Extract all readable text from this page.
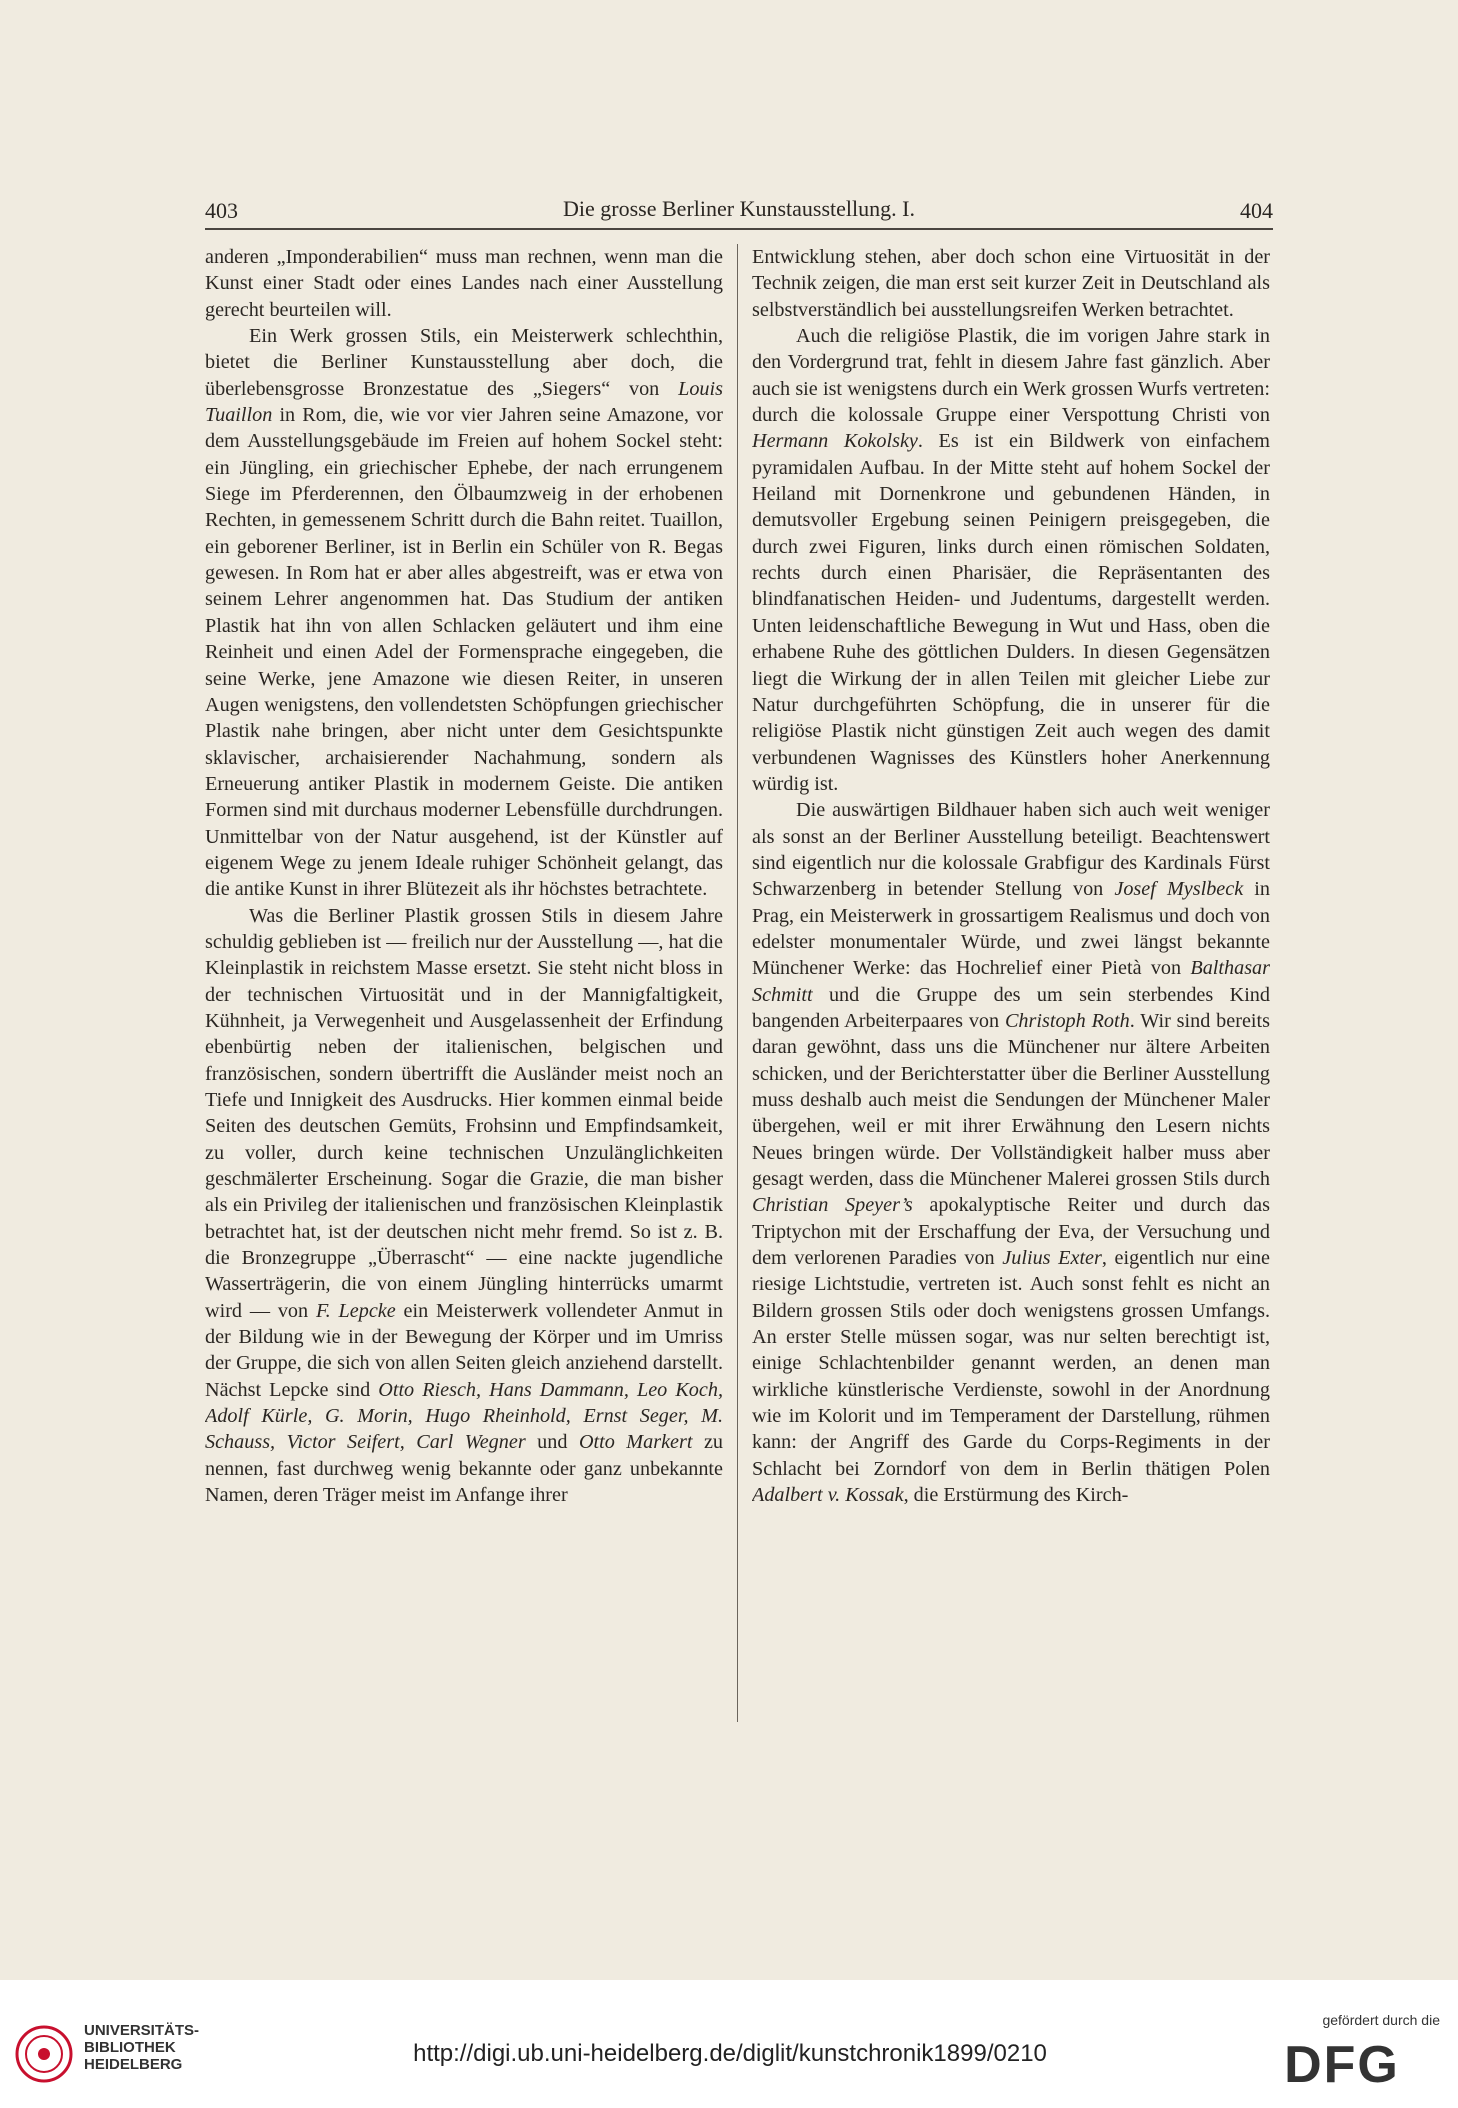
403	Die grosse Berliner Kunstausstellung. I.	404

anderen „Imponderabilien“ muss man rechnen, wenn man die Kunst einer Stadt oder eines Landes nach einer Ausstellung gerecht beurteilen will.

Ein Werk grossen Stils, ein Meisterwerk schlechthin, bietet die Berliner Kunstausstellung aber doch, die überlebensgrosse Bronzestatue des „Siegers“ von Louis Tuaillon in Rom, die, wie vor vier Jahren seine Amazone, vor dem Ausstellungsgebäude im Freien auf hohem Sockel steht: ein Jüngling, ein griechischer Ephebe, der nach errungenem Siege im Pferderennen, den Ölbaumzweig in der erhobenen Rechten, in gemessenem Schritt durch die Bahn reitet. Tuaillon, ein geborener Berliner, ist in Berlin ein Schüler von R. Begas gewesen. In Rom hat er aber alles abgestreift, was er etwa von seinem Lehrer angenommen hat. Das Studium der antiken Plastik hat ihn von allen Schlacken geläutert und ihm eine Reinheit und einen Adel der Formensprache eingegeben, die seine Werke, jene Amazone wie diesen Reiter, in unseren Augen wenigstens, den vollendetsten Schöpfungen griechischer Plastik nahe bringen, aber nicht unter dem Gesichtspunkte sklavischer, archaisierender Nachahmung, sondern als Erneuerung antiker Plastik in modernem Geiste. Die antiken Formen sind mit durchaus moderner Lebensfülle durchdrungen. Unmittelbar von der Natur ausgehend, ist der Künstler auf eigenem Wege zu jenem Ideale ruhiger Schönheit gelangt, das die antike Kunst in ihrer Blütezeit als ihr höchstes betrachtete.

Was die Berliner Plastik grossen Stils in diesem Jahre schuldig geblieben ist — freilich nur der Ausstellung —, hat die Kleinplastik in reichstem Masse ersetzt. Sie steht nicht bloss in der technischen Virtuosität und in der Mannigfaltigkeit, Kühnheit, ja Verwegenheit und Ausgelassenheit der Erfindung ebenbürtig neben der italienischen, belgischen und französischen, sondern übertrifft die Ausländer meist noch an Tiefe und Innigkeit des Ausdrucks. Hier kommen einmal beide Seiten des deutschen Gemüts, Frohsinn und Empfindsamkeit, zu voller, durch keine technischen Unzulänglichkeiten geschmälerter Erscheinung. Sogar die Grazie, die man bisher als ein Privileg der italienischen und französischen Kleinplastik betrachtet hat, ist der deutschen nicht mehr fremd. So ist z. B. die Bronzegruppe „Überrascht“ — eine nackte jugendliche Wasserträgerin, die von einem Jüngling hinterrücks umarmt wird — von F. Lepcke ein Meisterwerk vollendeter Anmut in der Bildung wie in der Bewegung der Körper und im Umriss der Gruppe, die sich von allen Seiten gleich anziehend darstellt. Nächst Lepcke sind Otto Riesch, Hans Dammann, Leo Koch, Adolf Kürle, G. Morin, Hugo Rheinhold, Ernst Seger, M. Schauss, Victor Seifert, Carl Wegner und Otto Markert zu nennen, fast durchweg wenig bekannte oder ganz unbekannte Namen, deren Träger meist im Anfange ihrer

Entwicklung stehen, aber doch schon eine Virtuosität in der Technik zeigen, die man erst seit kurzer Zeit in Deutschland als selbstverständlich bei ausstellungsreifen Werken betrachtet.

Auch die religiöse Plastik, die im vorigen Jahre stark in den Vordergrund trat, fehlt in diesem Jahre fast gänzlich. Aber auch sie ist wenigstens durch ein Werk grossen Wurfs vertreten: durch die kolossale Gruppe einer Verspottung Christi von Hermann Kokolsky. Es ist ein Bildwerk von einfachem pyramidalen Aufbau. In der Mitte steht auf hohem Sockel der Heiland mit Dornenkrone und gebundenen Händen, in demutsvoller Ergebung seinen Peinigern preisgegeben, die durch zwei Figuren, links durch einen römischen Soldaten, rechts durch einen Pharisäer, die Repräsentanten des blindfanatischen Heiden- und Judentums, dargestellt werden. Unten leidenschaftliche Bewegung in Wut und Hass, oben die erhabene Ruhe des göttlichen Dulders. In diesen Gegensätzen liegt die Wirkung der in allen Teilen mit gleicher Liebe zur Natur durchgeführten Schöpfung, die in unserer für die religiöse Plastik nicht günstigen Zeit auch wegen des damit verbundenen Wagnisses des Künstlers hoher Anerkennung würdig ist.

Die auswärtigen Bildhauer haben sich auch weit weniger als sonst an der Berliner Ausstellung beteiligt. Beachtenswert sind eigentlich nur die kolossale Grabfigur des Kardinals Fürst Schwarzenberg in betender Stellung von Josef Myslbeck in Prag, ein Meisterwerk in grossartigem Realismus und doch von edelster monumentaler Würde, und zwei längst bekannte Münchener Werke: das Hochrelief einer Pietà von Balthasar Schmitt und die Gruppe des um sein sterbendes Kind bangenden Arbeiterpaares von Christoph Roth. Wir sind bereits daran gewöhnt, dass uns die Münchener nur ältere Arbeiten schicken, und der Berichterstatter über die Berliner Ausstellung muss deshalb auch meist die Sendungen der Münchener Maler übergehen, weil er mit ihrer Erwähnung den Lesern nichts Neues bringen würde. Der Vollständigkeit halber muss aber gesagt werden, dass die Münchener Malerei grossen Stils durch Christian Speyer’s apokalyptische Reiter und durch das Triptychon mit der Erschaffung der Eva, der Versuchung und dem verlorenen Paradies von Julius Exter, eigentlich nur eine riesige Lichtstudie, vertreten ist. Auch sonst fehlt es nicht an Bildern grossen Stils oder doch wenigstens grossen Umfangs. An erster Stelle müssen sogar, was nur selten berechtigt ist, einige Schlachtenbilder genannt werden, an denen man wirkliche künstlerische Verdienste, sowohl in der Anordnung wie im Kolorit und im Temperament der Darstellung, rühmen kann: der Angriff des Garde du Corps-Regiments in der Schlacht bei Zorndorf von dem in Berlin thätigen Polen Adalbert v. Kossak, die Erstürmung des Kirch-

UNIVERSITÄTS-
BIBLIOTHEK
HEIDELBERG	http://digi.ub.uni-heidelberg.de/diglit/kunstchronik1899/0210
gefördert durch die
DFG
